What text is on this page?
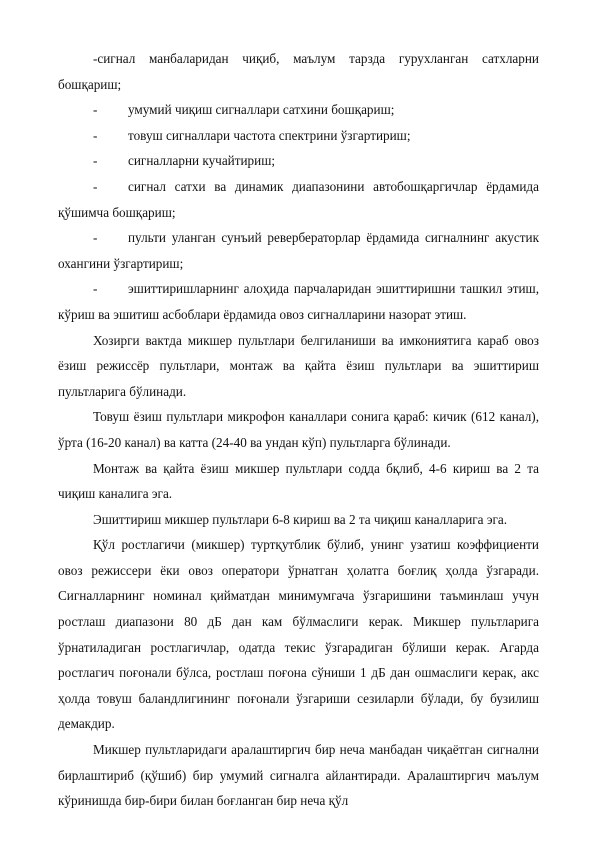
-сигнал манбаларидан чиқиб, маълум тарзда гурухланган сатхларни бошқариш;

- умумий чиқиш сигналлари сатхини бошқариш;

- товуш сигналлари частота спектрини ўзгартириш;

- сигналларни кучайтириш;

- сигнал сатхи ва динамик диапазонини автобошқаргичлар ёрдамида қўшимча бошқариш;

- пульти уланган сунъий ревербераторлар ёрдамида сигналнинг акустик охангини ўзгартириш;

- эшиттиришларнинг алоҳида парчаларидан эшиттиришни ташкил этиш, кўриш ва эшитиш асбоблари ёрдамида овоз сигналларини назорат этиш.

Хозирги вактда микшер пультлари белгиланиши ва имкониятига караб овоз ёзиш режиссёр пультлари, монтаж ва қайта ёзиш пультлари ва эшиттириш пультларига бўлинади.

Товуш ёзиш пультлари микрофон каналлари сонига қараб: кичик (612 канал), ўрта (16-20 канал) ва катта (24-40 ва ундан кўп) пультларга бўлинади.

Монтаж ва қайта ёзиш микшер пультлари содда бқлиб, 4-6 кириш ва 2 та чиқиш каналига эга.

Эшиттириш микшер пультлари 6-8 кириш ва 2 та чиқиш каналларига эга.

Қўл ростлагичи (микшер) туртқутблик бўлиб, унинг узатиш коэффициенти овоз режиссери ёки овоз оператори ўрнатган ҳолатга боғлиқ ҳолда ўзгаради. Сигналларнинг номинал қийматдан минимумгача ўзгаришини таъминлаш учун ростлаш диапазони 80 дБ дан кам бўлмаслиги керак. Микшер пультларига ўрнатиладиган ростлагичлар, одатда текис ўзгарадиган бўлиши керак. Агарда ростлагич поғонали бўлса, ростлаш поғона сўниши 1 дБ дан ошмаслиги керак, акс ҳолда товуш баландлигининг поғонали ўзгариши сезиларли бўлади, бу бузилиш демакдир.

Микшер пультларидаги аралаштиргич бир неча манбадан чиқаётган сигнални бирлаштириб (қўшиб) бир умумий сигналга айлантиради. Аралаштиргич маълум кўринишда бир-бири билан боғланган бир неча қўл
